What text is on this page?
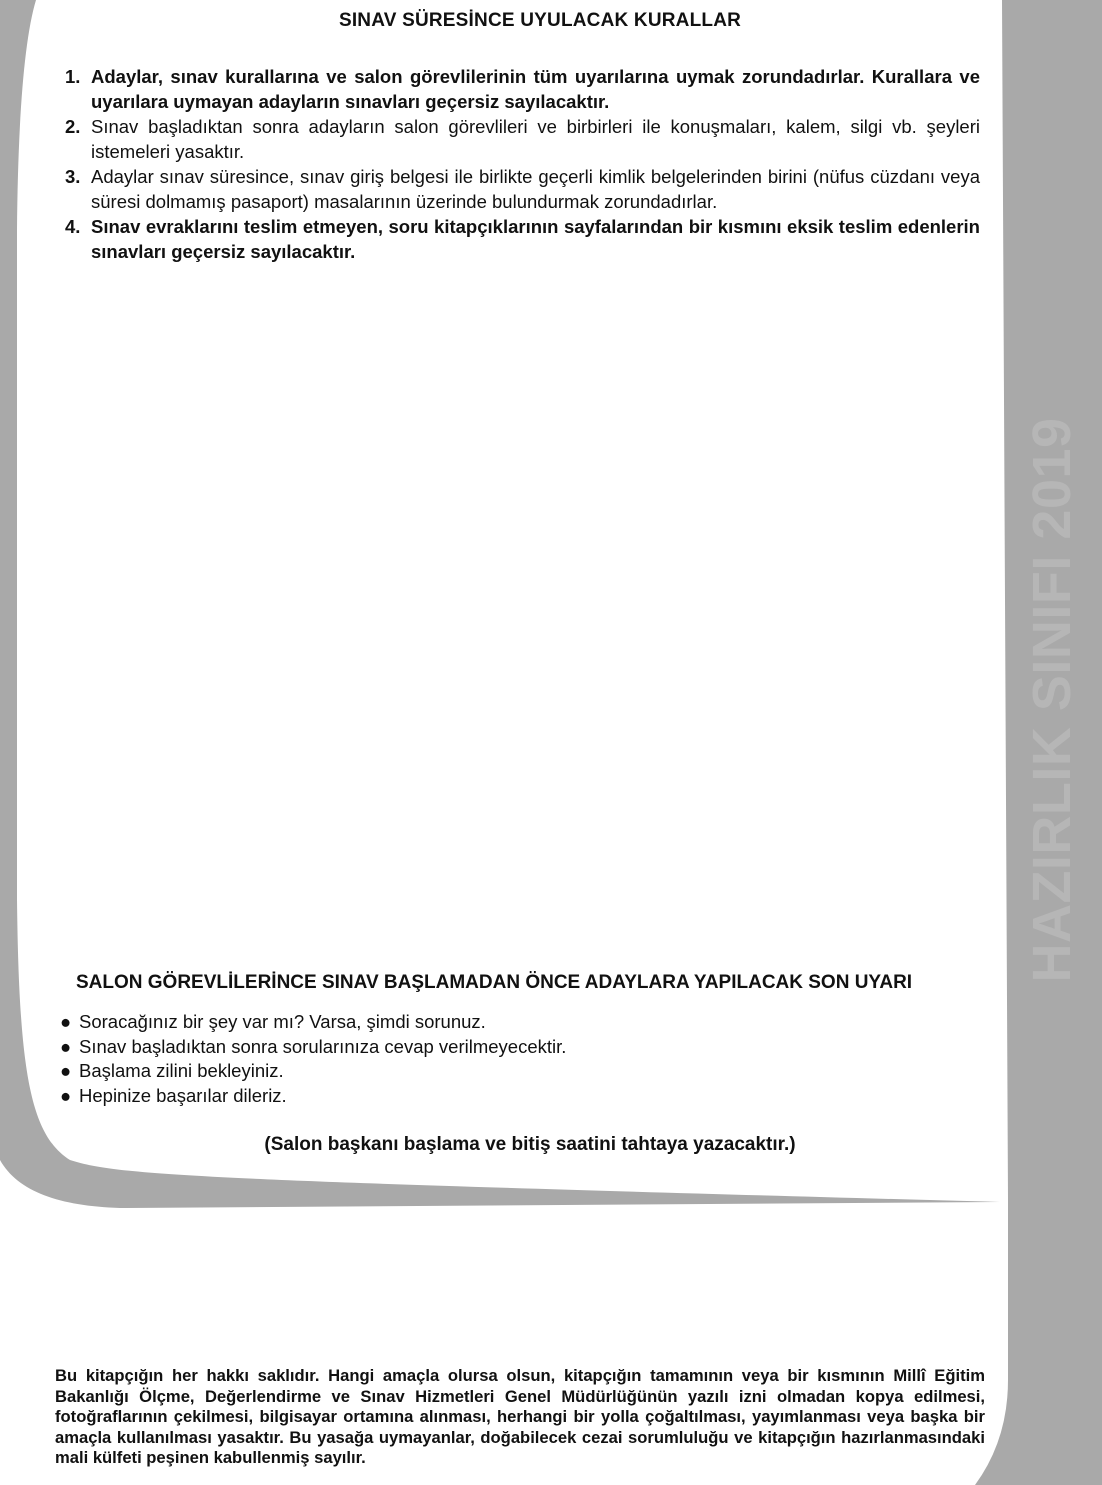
SINAV SÜRESİNCE UYULACAK KURALLAR
1. Adaylar, sınav kurallarına ve salon görevlilerinin tüm uyarılarına uymak zorundadırlar. Kurallara ve uyarılara uymayan adayların sınavları geçersiz sayılacaktır.
2. Sınav başladıktan sonra adayların salon görevlileri ve birbirleri ile konuşmaları, kalem, silgi vb. şeyleri istemeleri yasaktır.
3. Adaylar sınav süresince, sınav giriş belgesi ile birlikte geçerli kimlik belgelerinden birini (nüfus cüzdanı veya süresi dolmamış pasaport) masalarının üzerinde bulundurmak zorundadırlar.
4. Sınav evraklarını teslim etmeyen, soru kitapçıklarının sayfalarından bir kısmını eksik teslim edenlerin sınavları geçersiz sayılacaktır.
HAZIRLIK SINIFI 2019
SALON GÖREVLİLERİNCE SINAV BAŞLAMADAN ÖNCE ADAYLARA YAPILACAK SON UYARI
● Soracağınız bir şey var mı? Varsa, şimdi sorunuz.
● Sınav başladıktan sonra sorularınıza cevap verilmeyecektir.
● Başlama zilini bekleyiniz.
● Hepinize başarılar dileriz.
(Salon başkanı başlama ve bitiş saatini tahtaya yazacaktır.)

Bu kitapçığın her hakkı saklıdır. Hangi amaçla olursa olsun, kitapçığın tamamının veya bir kısmının Millî Eğitim Bakanlığı Ölçme, Değerlendirme ve Sınav Hizmetleri Genel Müdürlüğünün yazılı izni olmadan kopya edilmesi, fotoğraflarının çekilmesi, bilgisayar ortamına alınması, herhangi bir yolla çoğaltılması, yayımlanması veya başka bir amaçla kullanılması yasaktır. Bu yasağa uymayanlar, doğabilecek cezai sorumluluğu ve kitapçığın hazırlanmasındaki mali külfeti peşinen kabullenmiş sayılır.
